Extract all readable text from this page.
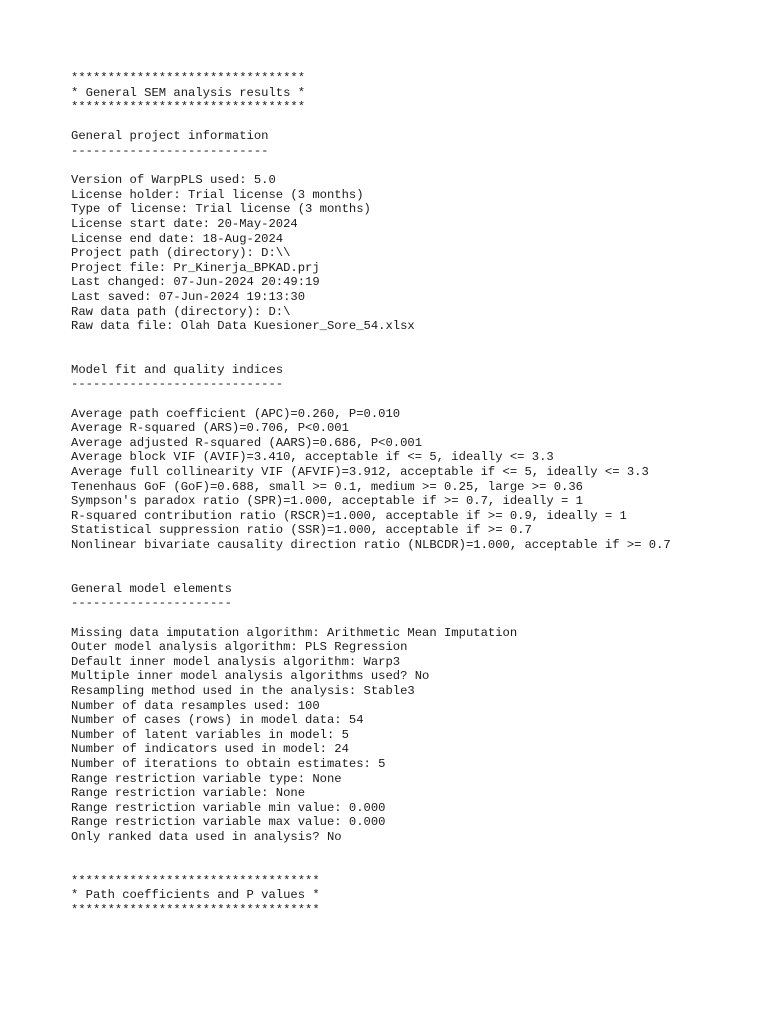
********************************
* General SEM analysis results *
********************************
General project information
---------------------------
Version of WarpPLS used: 5.0
License holder: Trial license (3 months)
Type of license: Trial license (3 months)
License start date: 20-May-2024
License end date: 18-Aug-2024
Project path (directory): D:\\
Project file: Pr_Kinerja_BPKAD.prj
Last changed: 07-Jun-2024 20:49:19
Last saved: 07-Jun-2024 19:13:30
Raw data path (directory): D:\
Raw data file: Olah Data Kuesioner_Sore_54.xlsx
Model fit and quality indices
-----------------------------
Average path coefficient (APC)=0.260, P=0.010
Average R-squared (ARS)=0.706, P<0.001
Average adjusted R-squared (AARS)=0.686, P<0.001
Average block VIF (AVIF)=3.410, acceptable if <= 5, ideally <= 3.3
Average full collinearity VIF (AFVIF)=3.912, acceptable if <= 5, ideally <= 3.3
Tenenhaus GoF (GoF)=0.688, small >= 0.1, medium >= 0.25, large >= 0.36
Sympson's paradox ratio (SPR)=1.000, acceptable if >= 0.7, ideally = 1
R-squared contribution ratio (RSCR)=1.000, acceptable if >= 0.9, ideally = 1
Statistical suppression ratio (SSR)=1.000, acceptable if >= 0.7
Nonlinear bivariate causality direction ratio (NLBCDR)=1.000, acceptable if >= 0.7
General model elements
----------------------
Missing data imputation algorithm: Arithmetic Mean Imputation
Outer model analysis algorithm: PLS Regression
Default inner model analysis algorithm: Warp3
Multiple inner model analysis algorithms used? No
Resampling method used in the analysis: Stable3
Number of data resamples used: 100
Number of cases (rows) in model data: 54
Number of latent variables in model: 5
Number of indicators used in model: 24
Number of iterations to obtain estimates: 5
Range restriction variable type: None
Range restriction variable: None
Range restriction variable min value: 0.000
Range restriction variable max value: 0.000
Only ranked data used in analysis? No
**********************************
* Path coefficients and P values *
**********************************
